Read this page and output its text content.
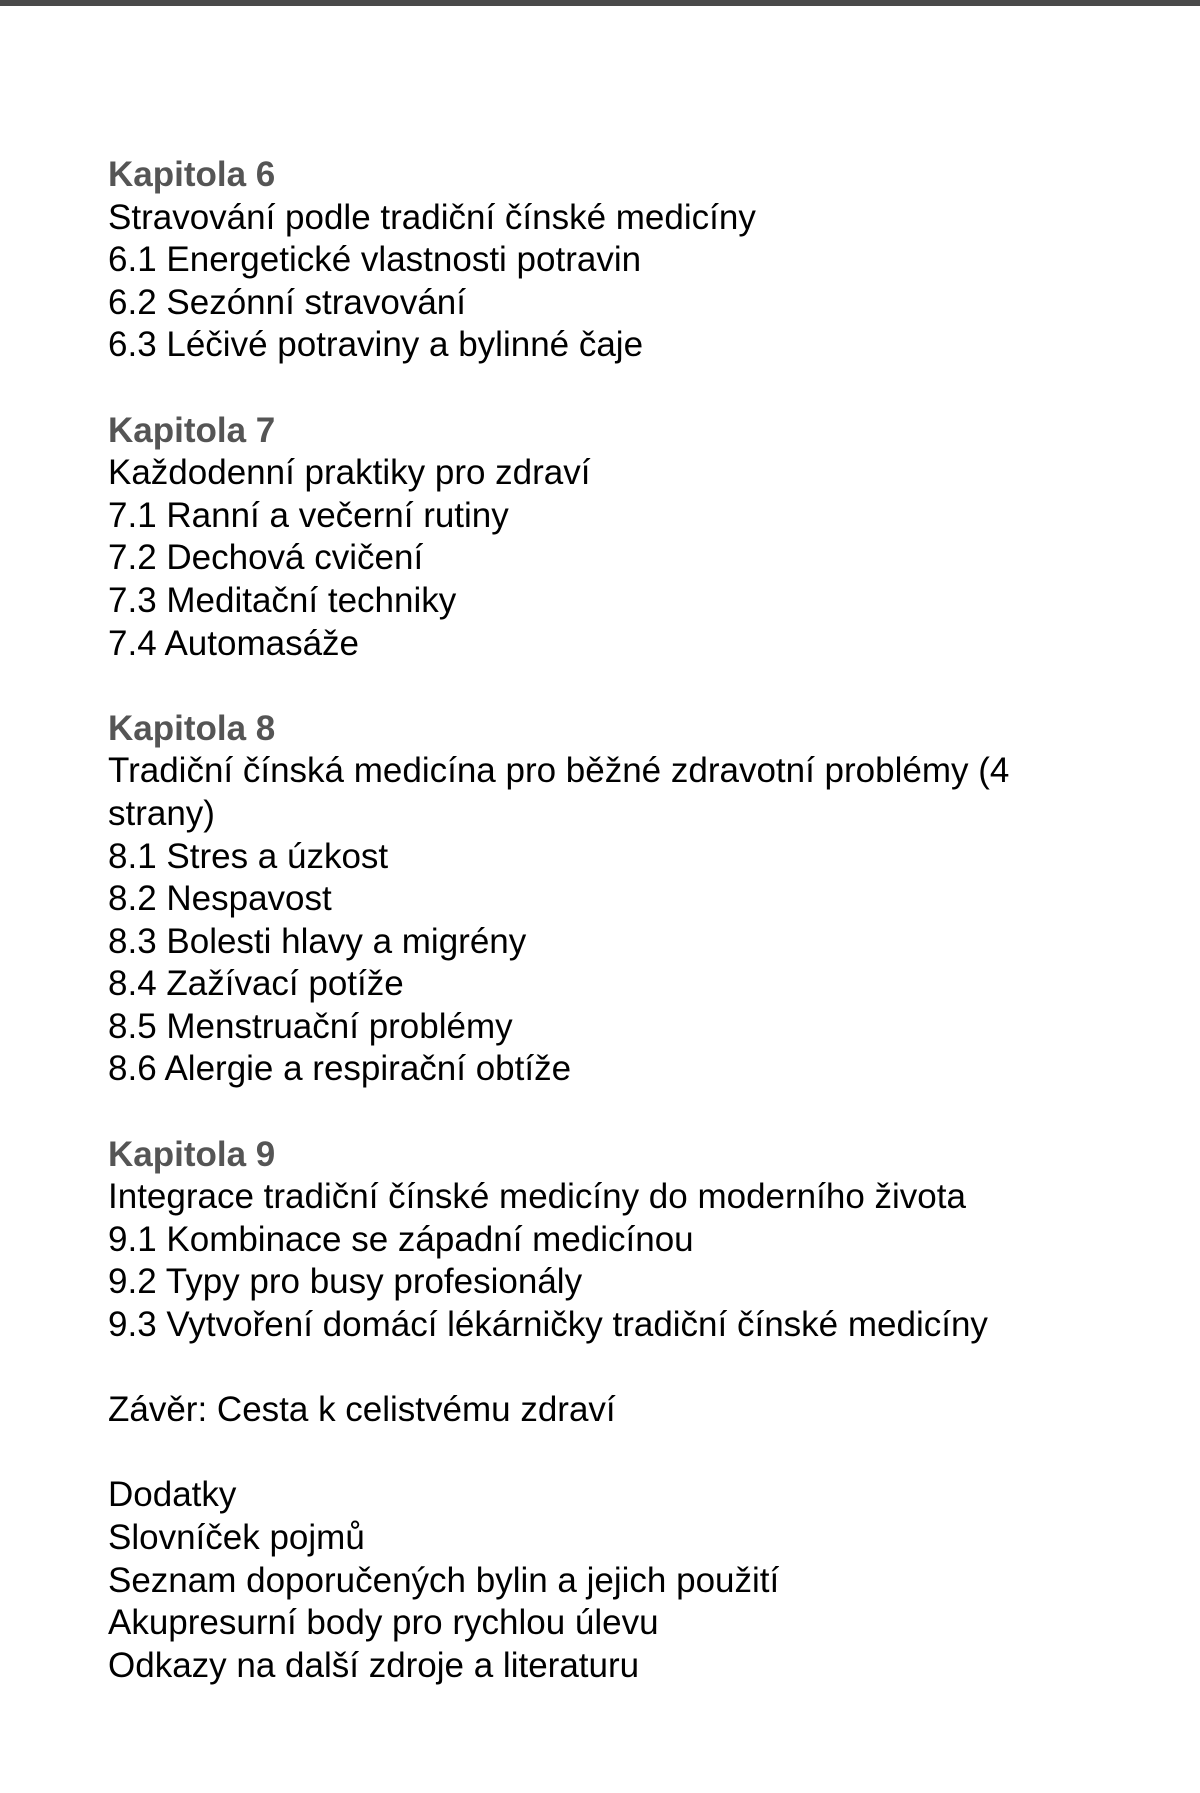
Kapitola 6
Stravování podle tradiční čínské medicíny
6.1 Energetické vlastnosti potravin
6.2 Sezónní stravování
6.3 Léčivé potraviny a bylinné čaje
Kapitola 7
Každodenní praktiky pro zdraví
7.1 Ranní a večerní rutiny
7.2 Dechová cvičení
7.3 Meditační techniky
7.4 Automasáže
Kapitola 8
Tradiční čínská medicína pro běžné zdravotní problémy (4 strany)
8.1 Stres a úzkost
8.2 Nespavost
8.3 Bolesti hlavy a migrény
8.4 Zažívací potíže
8.5 Menstruační problémy
8.6 Alergie a respirační obtíže
Kapitola 9
Integrace tradiční čínské medicíny do moderního života
9.1 Kombinace se západní medicínou
9.2 Typy pro busy profesionály
9.3 Vytvoření domácí lékárničky tradiční čínské medicíny
Závěr: Cesta k celistvému zdraví
Dodatky
Slovníček pojmů
Seznam doporučených bylin a jejich použití
Akupresurní body pro rychlou úlevu
Odkazy na další zdroje a literaturu
